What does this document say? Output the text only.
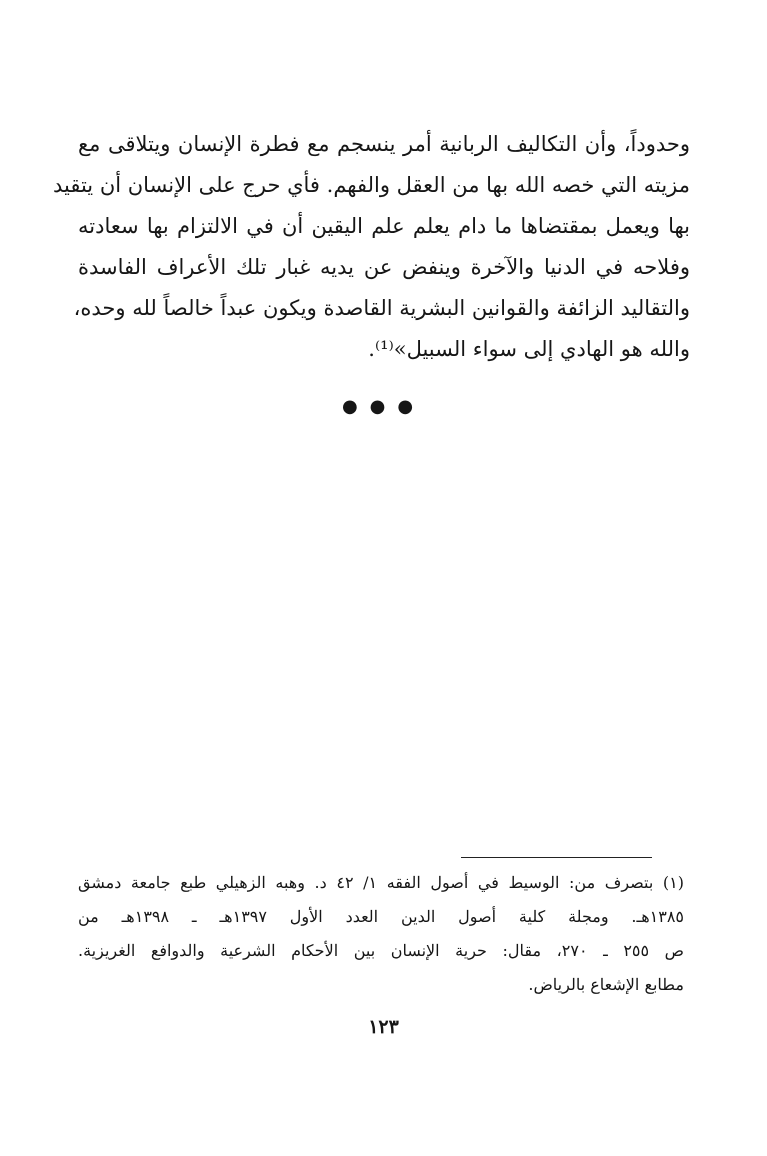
وحدوداً، وأن التكاليف الربانية أمر ينسجم مع فطرة الإنسان ويتلاقى مع
مزيته التي خصه الله بها من العقل والفهم. فأي حرج على الإنسان أن يتقيد
بها ويعمل بمقتضاها ما دام يعلم علم اليقين أن في الالتزام بها سعادته
وفلاحه في الدنيا والآخرة وينفض عن يديه غبار تلك الأعراف الفاسدة
والتقاليد الزائفة والقوانين البشرية القاصدة ويكون عبداً خالصاً لله وحده،
والله هو الهادي إلى سواء السبيل»⁽¹⁾.
●●●
(١) بتصرف من: الوسيط في أصول الفقه ١/ ٤٢ د. وهبه الزهيلي طبع جامعة دمشق
١٣٨٥هـ. ومجلة كلية أصول الدين العدد الأول ١٣٩٧هـ ـ ١٣٩٨هـ من
ص ٢٥٥ ـ ٢٧٠، مقال: حرية الإنسان بين الأحكام الشرعية والدوافع الغريزية.
مطابع الإشعاع بالرياض.
١٢٣
